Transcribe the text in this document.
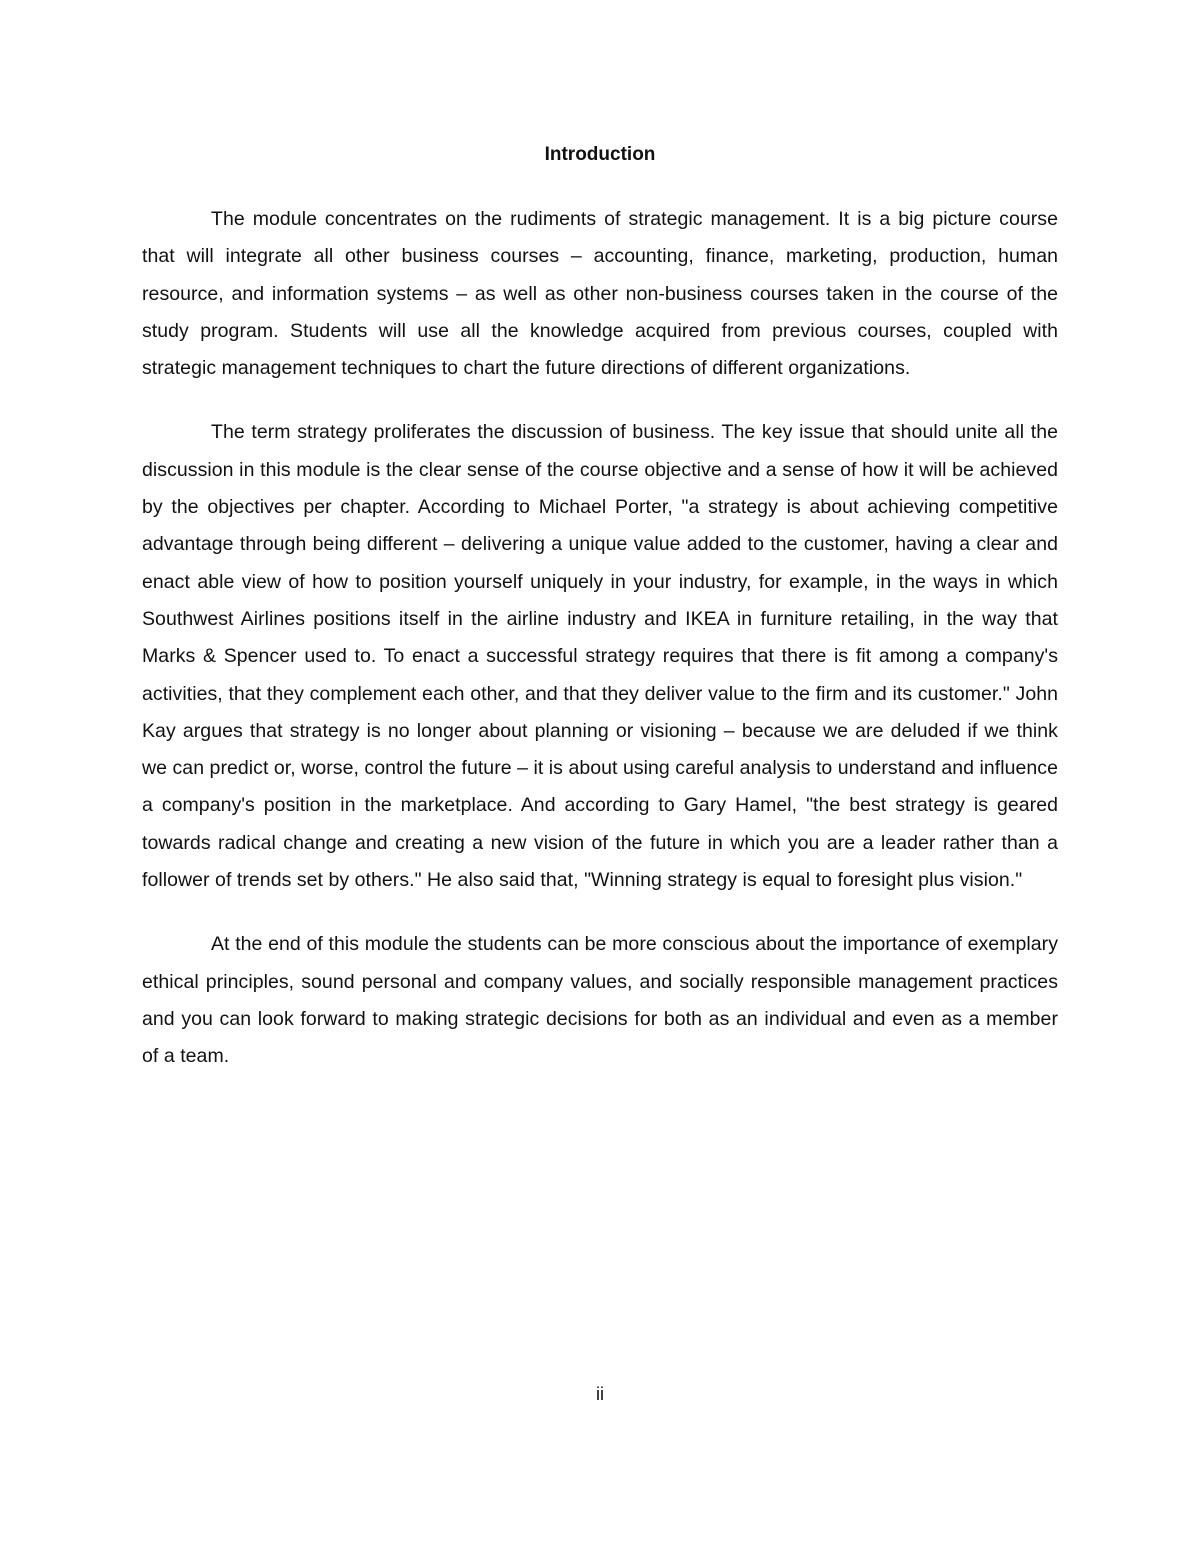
Introduction

The module concentrates on the rudiments of strategic management. It is a big picture course that will integrate all other business courses – accounting, finance, marketing, production, human resource, and information systems – as well as other non-business courses taken in the course of the study program. Students will use all the knowledge acquired from previous courses, coupled with strategic management techniques to chart the future directions of different organizations.

The term strategy proliferates the discussion of business. The key issue that should unite all the discussion in this module is the clear sense of the course objective and a sense of how it will be achieved by the objectives per chapter. According to Michael Porter, "a strategy is about achieving competitive advantage through being different – delivering a unique value added to the customer, having a clear and enact able view of how to position yourself uniquely in your industry, for example, in the ways in which Southwest Airlines positions itself in the airline industry and IKEA in furniture retailing, in the way that Marks & Spencer used to. To enact a successful strategy requires that there is fit among a company's activities, that they complement each other, and that they deliver value to the firm and its customer." John Kay argues that strategy is no longer about planning or visioning – because we are deluded if we think we can predict or, worse, control the future – it is about using careful analysis to understand and influence a company's position in the marketplace. And according to Gary Hamel, "the best strategy is geared towards radical change and creating a new vision of the future in which you are a leader rather than a follower of trends set by others." He also said that, "Winning strategy is equal to foresight plus vision."

At the end of this module the students can be more conscious about the importance of exemplary ethical principles, sound personal and company values, and socially responsible management practices and you can look forward to making strategic decisions for both as an individual and even as a member of a team.

ii
